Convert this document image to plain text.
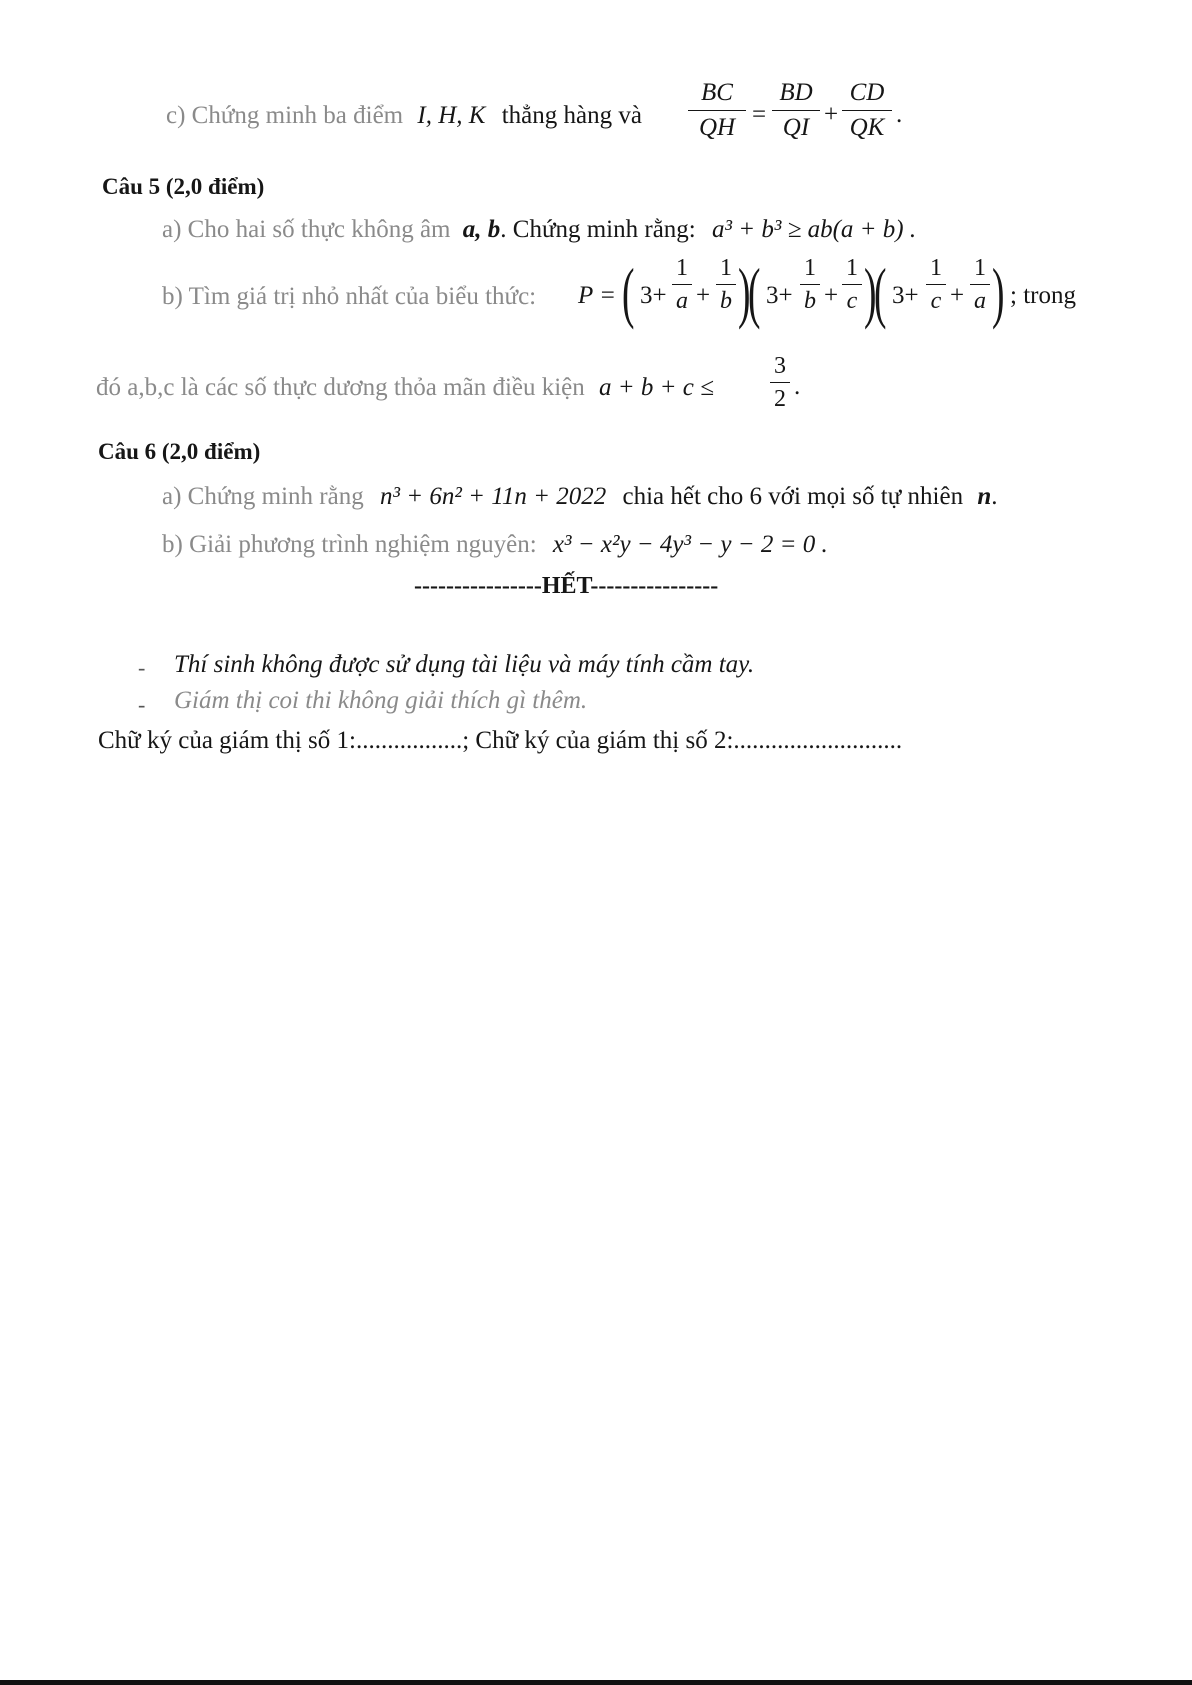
c) Chứng minh ba điểm I, H, K thẳng hàng và
BC
QH =
BD
QI +
CD
QK .
Câu 5 (2,0 điểm)
a) Cho hai số thực không âm a, b. Chứng minh rằng: a³ + b³ ≥ ab(a + b) .
b) Tìm giá trị nhỏ nhất của biểu thức: P = ( 3+
1
a +
1
b )
( 3+
1
b +
1
c )
( 3+
1
c +
1
a ) ; trong
đó a,b,c là các số thực dương thỏa mãn điều kiện a + b + c ≤
3
2 .
Câu 6 (2,0 điểm)
a) Chứng minh rằng n³ + 6n² + 11n + 2022 chia hết cho 6 với mọi số tự nhiên n.
b) Giải phương trình nghiệm nguyên: x³ − x²y − 4y³ − y − 2 = 0 .
----------------HẾT----------------
- Thí sinh không được sử dụng tài liệu và máy tính cầm tay.
- Giám thị coi thi không giải thích gì thêm.
Chữ ký của giám thị số 1:.................; Chữ ký của giám thị số 2:...........................
